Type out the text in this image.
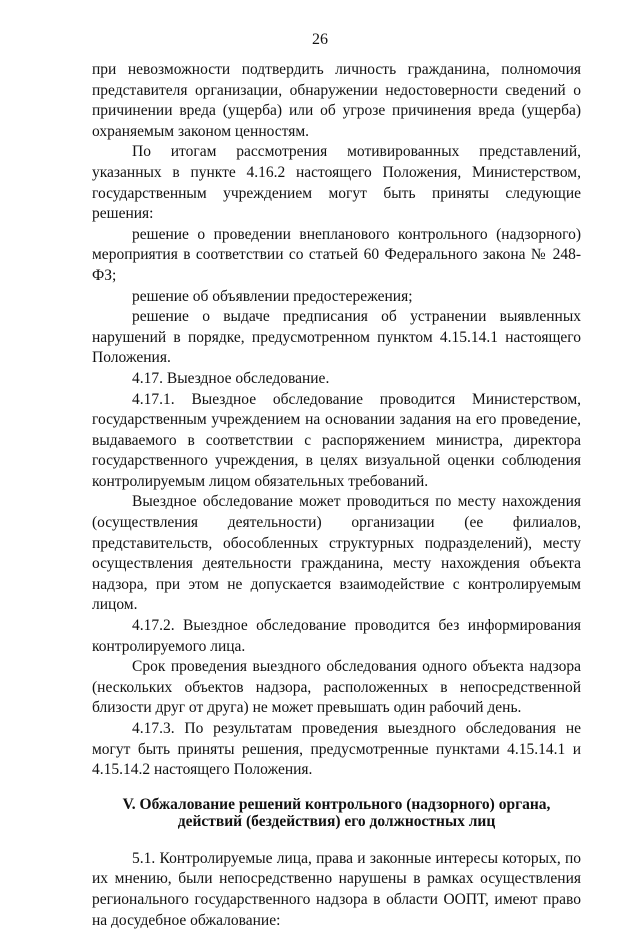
26

при невозможности подтвердить личность гражданина, полномочия представителя организации, обнаружении недостоверности сведений о причинении вреда (ущерба) или об угрозе причинения вреда (ущерба) охраняемым законом ценностям.

По итогам рассмотрения мотивированных представлений, указанных в пункте 4.16.2 настоящего Положения, Министерством, государственным учреждением могут быть приняты следующие решения:

решение о проведении внепланового контрольного (надзорного) мероприятия в соответствии со статьей 60 Федерального закона № 248-ФЗ;

решение об объявлении предостережения;

решение о выдаче предписания об устранении выявленных нарушений в порядке, предусмотренном пунктом 4.15.14.1 настоящего Положения.

4.17. Выездное обследование.

4.17.1. Выездное обследование проводится Министерством, государственным учреждением на основании задания на его проведение, выдаваемого в соответствии с распоряжением министра, директора государственного учреждения, в целях визуальной оценки соблюдения контролируемым лицом обязательных требований.

Выездное обследование может проводиться по месту нахождения (осуществления деятельности) организации (ее филиалов, представительств, обособленных структурных подразделений), месту осуществления деятельности гражданина, месту нахождения объекта надзора, при этом не допускается взаимодействие с контролируемым лицом.

4.17.2. Выездное обследование проводится без информирования контролируемого лица.

Срок проведения выездного обследования одного объекта надзора (нескольких объектов надзора, расположенных в непосредственной близости друг от друга) не может превышать один рабочий день.

4.17.3. По результатам проведения выездного обследования не могут быть приняты решения, предусмотренные пунктами 4.15.14.1 и 4.15.14.2 настоящего Положения.

V. Обжалование решений контрольного (надзорного) органа,
действий (бездействия) его должностных лиц

5.1. Контролируемые лица, права и законные интересы которых, по их мнению, были непосредственно нарушены в рамках осуществления регионального государственного надзора в области ООПТ, имеют право на досудебное обжалование:
